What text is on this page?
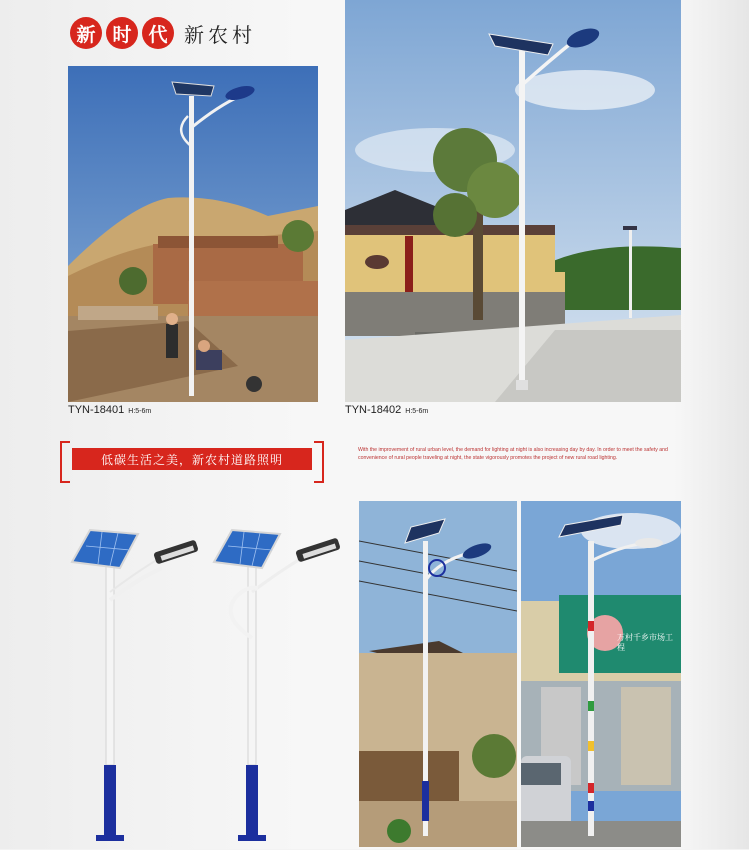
新 时 代 新农村
TYN-18401 H:5-6m	TYN-18402 H:5-6m
低碳生活之美，新农村道路照明
With the improvement of rural urban level, the demand for lighting at night is also increasing day by day. In order to meet the safety and convenience of rural people traveling at night, the state vigorously promotes the project of new rural road lighting.
万村千乡市场工程
